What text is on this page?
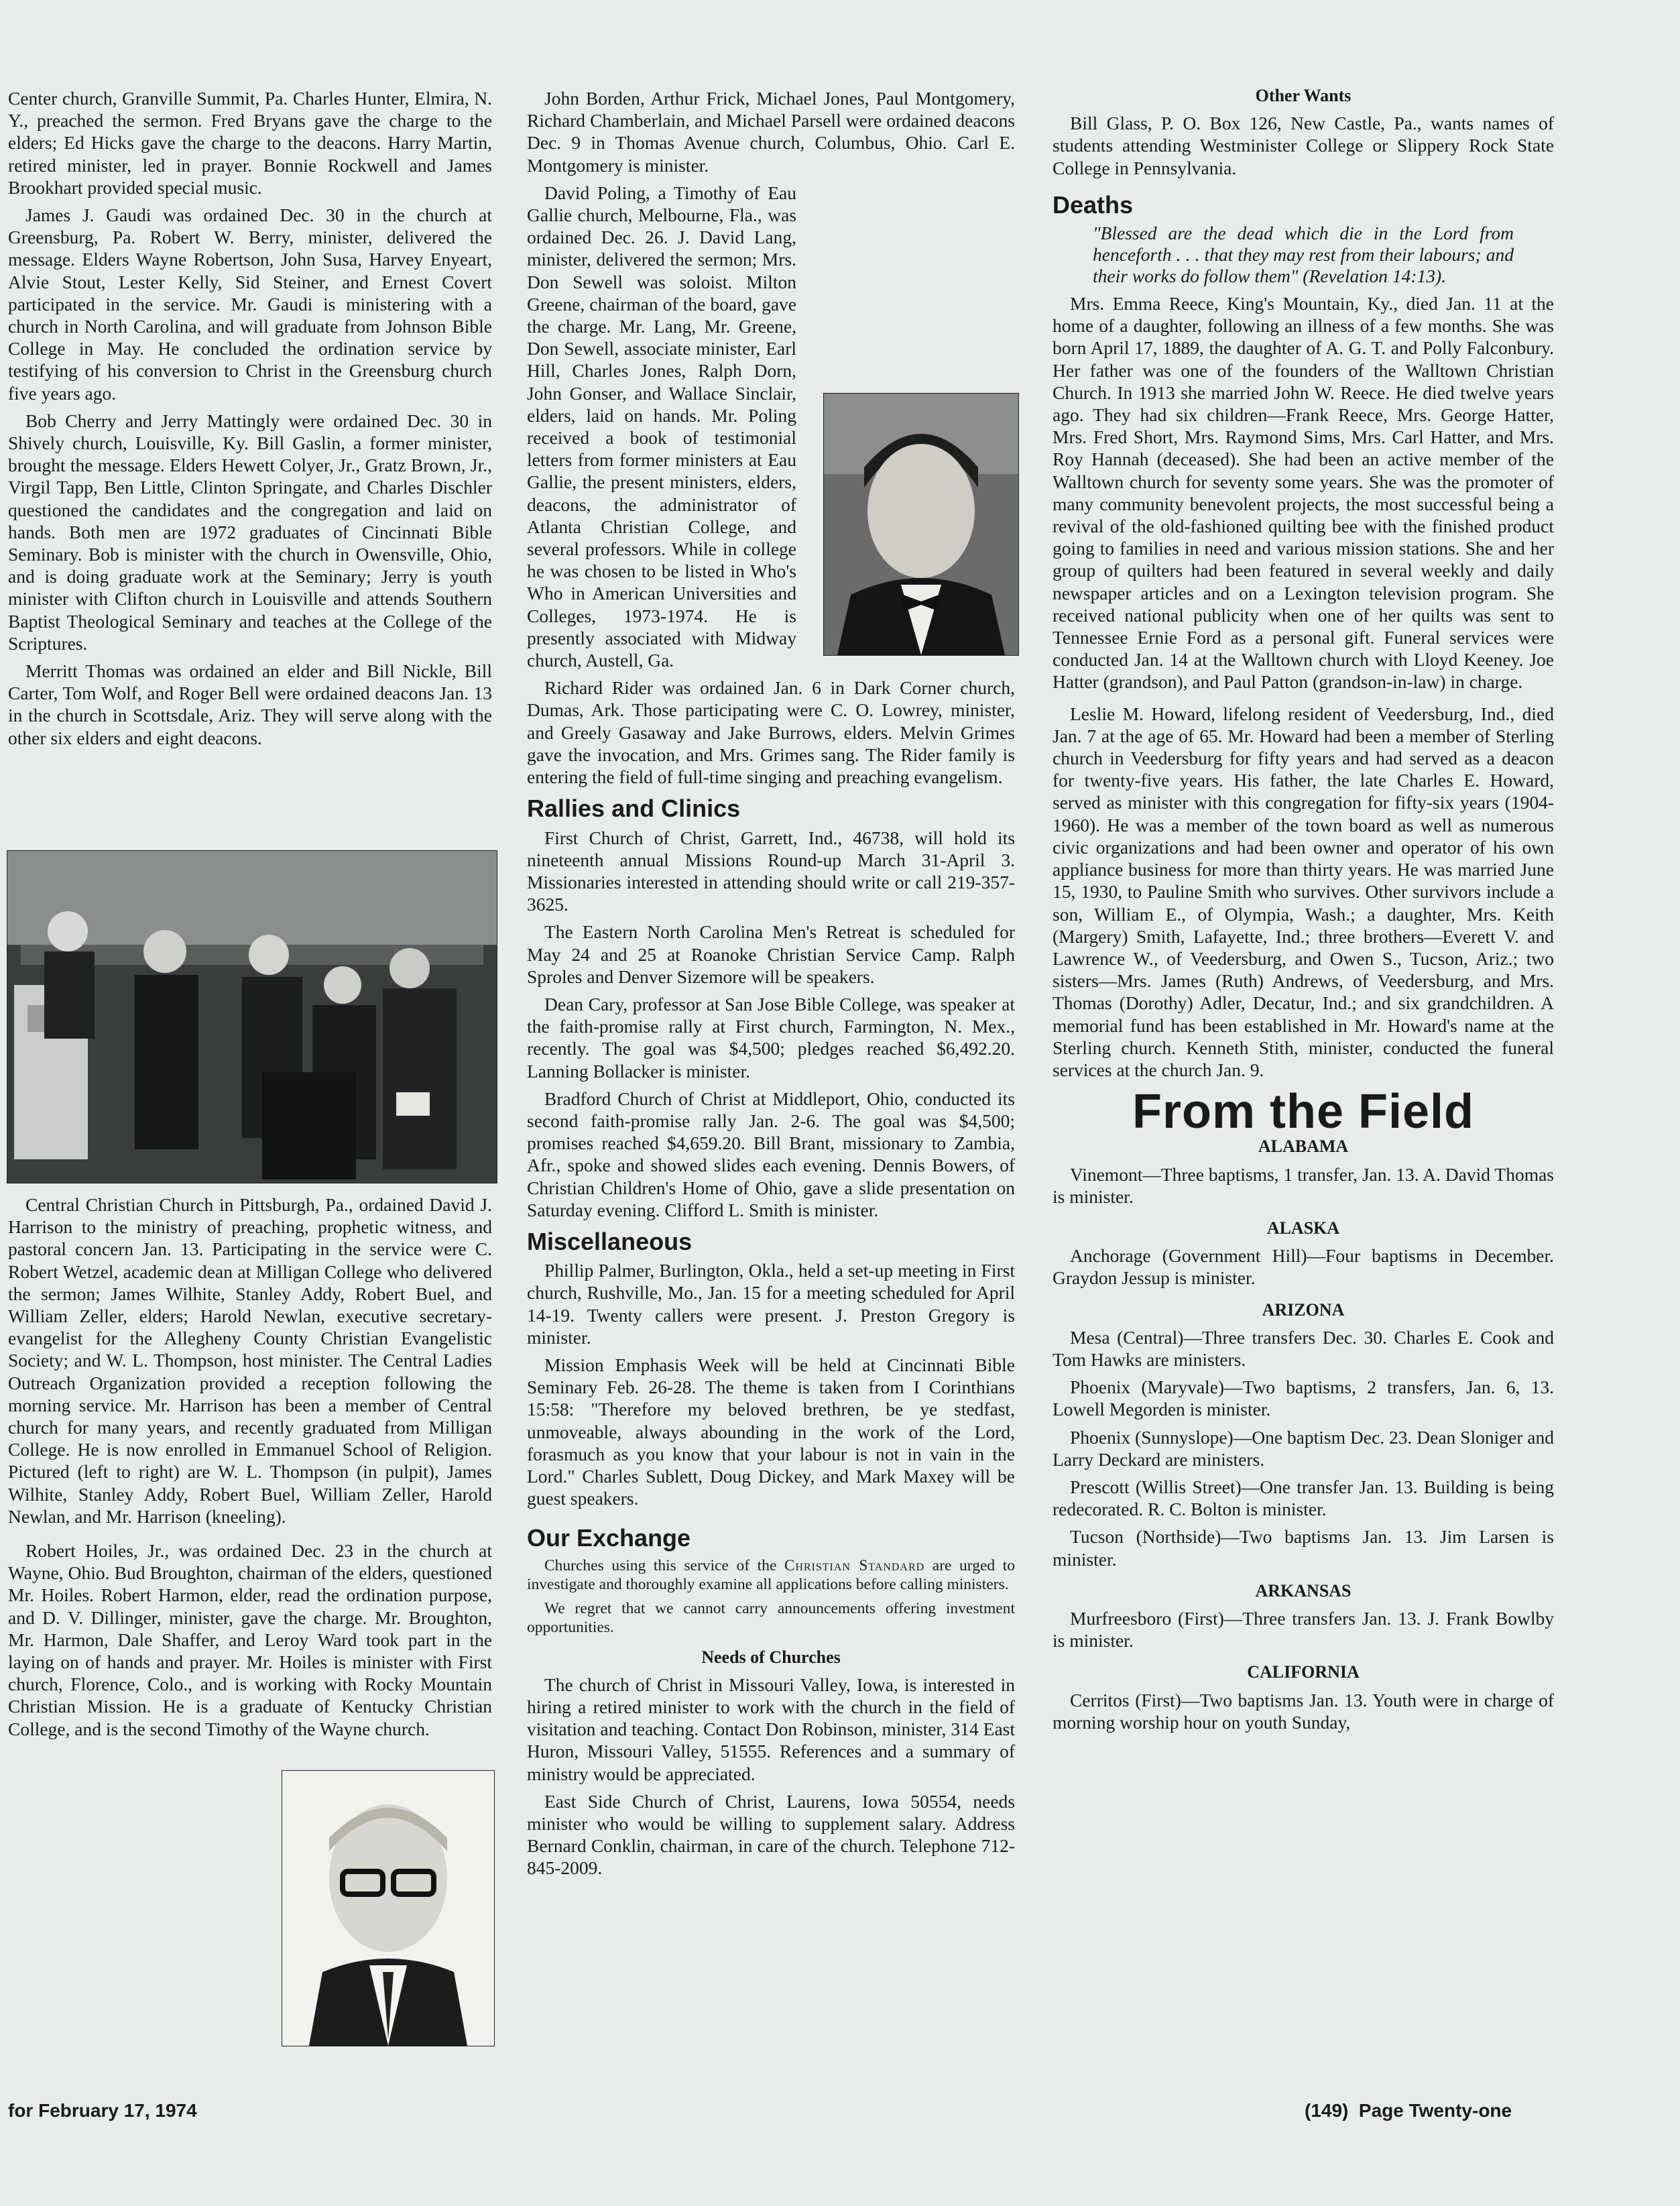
Center church, Granville Summit, Pa. Charles Hunter, Elmira, N. Y., preached the sermon. Fred Bryans gave the charge to the elders; Ed Hicks gave the charge to the deacons. Harry Martin, retired minister, led in prayer. Bonnie Rockwell and James Brookhart provided special music.

James J. Gaudi was ordained Dec. 30 in the church at Greensburg, Pa. Robert W. Berry, minister, delivered the message. Elders Wayne Robertson, John Susa, Harvey Enyeart, Alvie Stout, Lester Kelly, Sid Steiner, and Ernest Covert participated in the service. Mr. Gaudi is ministering with a church in North Carolina, and will graduate from Johnson Bible College in May. He concluded the ordination service by testifying of his conversion to Christ in the Greensburg church five years ago.

Bob Cherry and Jerry Mattingly were ordained Dec. 30 in Shively church, Louisville, Ky. Bill Gaslin, a former minister, brought the message. Elders Hewett Colyer, Jr., Gratz Brown, Jr., Virgil Tapp, Ben Little, Clinton Springate, and Charles Dischler questioned the candidates and the congregation and laid on hands. Both men are 1972 graduates of Cincinnati Bible Seminary. Bob is minister with the church in Owensville, Ohio, and is doing graduate work at the Seminary; Jerry is youth minister with Clifton church in Louisville and attends Southern Baptist Theological Seminary and teaches at the College of the Scriptures.

Merritt Thomas was ordained an elder and Bill Nickle, Bill Carter, Tom Wolf, and Roger Bell were ordained deacons Jan. 13 in the church in Scottsdale, Ariz. They will serve along with the other six elders and eight deacons.

Central Christian Church in Pittsburgh, Pa., ordained David J. Harrison to the ministry of preaching, prophetic witness, and pastoral concern Jan. 13. Participating in the service were C. Robert Wetzel, academic dean at Milligan College who delivered the sermon; James Wilhite, Stanley Addy, Robert Buel, and William Zeller, elders; Harold Newlan, executive secretary-evangelist for the Allegheny County Christian Evangelistic Society; and W. L. Thompson, host minister. The Central Ladies Outreach Organization provided a reception following the morning service. Mr. Harrison has been a member of Central church for many years, and recently graduated from Milligan College. He is now enrolled in Emmanuel School of Religion. Pictured (left to right) are W. L. Thompson (in pulpit), James Wilhite, Stanley Addy, Robert Buel, William Zeller, Harold Newlan, and Mr. Harrison (kneeling).

Robert Hoiles, Jr., was ordained Dec. 23 in the church at Wayne, Ohio. Bud Broughton, chairman of the elders, questioned Mr. Hoiles. Robert Harmon, elder, read the ordination purpose, and D. V. Dillinger, minister, gave the charge. Mr. Broughton, Mr. Harmon, Dale Shaffer, and Leroy Ward took part in the laying on of hands and prayer. Mr. Hoiles is minister with First church, Florence, Colo., and is working with Rocky Mountain Christian Mission. He is a graduate of Kentucky Christian College, and is the second Timothy of the Wayne church.

John Borden, Arthur Frick, Michael Jones, Paul Montgomery, Richard Chamberlain, and Michael Parsell were ordained deacons Dec. 9 in Thomas Avenue church, Columbus, Ohio. Carl E. Montgomery is minister.

David Poling, a Timothy of Eau Gallie church, Melbourne, Fla., was ordained Dec. 26. J. David Lang, minister, delivered the sermon; Mrs. Don Sewell was soloist. Milton Greene, chairman of the board, gave the charge. Mr. Lang, Mr. Greene, Don Sewell, associate minister, Earl Hill, Charles Jones, Ralph Dorn, John Gonser, and Wallace Sinclair, elders, laid on hands. Mr. Poling received a book of testimonial letters from former ministers at Eau Gallie, the present ministers, elders, deacons, the administrator of Atlanta Christian College, and several professors. While in college he was chosen to be listed in Who's Who in American Universities and Colleges, 1973-1974. He is presently associated with Midway church, Austell, Ga.

Richard Rider was ordained Jan. 6 in Dark Corner church, Dumas, Ark. Those participating were C. O. Lowrey, minister, and Greely Gasaway and Jake Burrows, elders. Melvin Grimes gave the invocation, and Mrs. Grimes sang. The Rider family is entering the field of full-time singing and preaching evangelism.

Rallies and Clinics

First Church of Christ, Garrett, Ind., 46738, will hold its nineteenth annual Missions Round-up March 31-April 3. Missionaries interested in attending should write or call 219-357-3625.

The Eastern North Carolina Men's Retreat is scheduled for May 24 and 25 at Roanoke Christian Service Camp. Ralph Sproles and Denver Sizemore will be speakers.

Dean Cary, professor at San Jose Bible College, was speaker at the faith-promise rally at First church, Farmington, N. Mex., recently. The goal was $4,500; pledges reached $6,492.20. Lanning Bollacker is minister.

Bradford Church of Christ at Middleport, Ohio, conducted its second faith-promise rally Jan. 2-6. The goal was $4,500; promises reached $4,659.20. Bill Brant, missionary to Zambia, Afr., spoke and showed slides each evening. Dennis Bowers, of Christian Children's Home of Ohio, gave a slide presentation on Saturday evening. Clifford L. Smith is minister.

Miscellaneous

Phillip Palmer, Burlington, Okla., held a set-up meeting in First church, Rushville, Mo., Jan. 15 for a meeting scheduled for April 14-19. Twenty callers were present. J. Preston Gregory is minister.

Mission Emphasis Week will be held at Cincinnati Bible Seminary Feb. 26-28. The theme is taken from I Corinthians 15:58: "Therefore my beloved brethren, be ye stedfast, unmoveable, always abounding in the work of the Lord, forasmuch as you know that your labour is not in vain in the Lord." Charles Sublett, Doug Dickey, and Mark Maxey will be guest speakers.

Our Exchange

Churches using this service of the Christian Standard are urged to investigate and thoroughly examine all applications before calling ministers.

We regret that we cannot carry announcements offering investment opportunities.

Needs of Churches

The church of Christ in Missouri Valley, Iowa, is interested in hiring a retired minister to work with the church in the field of visitation and teaching. Contact Don Robinson, minister, 314 East Huron, Missouri Valley, 51555. References and a summary of ministry would be appreciated.

East Side Church of Christ, Laurens, Iowa 50554, needs minister who would be willing to supplement salary. Address Bernard Conklin, chairman, in care of the church. Telephone 712-845-2009.

Other Wants

Bill Glass, P. O. Box 126, New Castle, Pa., wants names of students attending Westminister College or Slippery Rock State College in Pennsylvania.

Deaths

"Blessed are the dead which die in the Lord from henceforth . . . that they may rest from their labours; and their works do follow them" (Revelation 14:13).

Mrs. Emma Reece, King's Mountain, Ky., died Jan. 11 at the home of a daughter, following an illness of a few months. She was born April 17, 1889, the daughter of A. G. T. and Polly Falconbury. Her father was one of the founders of the Walltown Christian Church. In 1913 she married John W. Reece. He died twelve years ago. They had six children—Frank Reece, Mrs. George Hatter, Mrs. Fred Short, Mrs. Raymond Sims, Mrs. Carl Hatter, and Mrs. Roy Hannah (deceased). She had been an active member of the Walltown church for seventy some years. She was the promoter of many community benevolent projects, the most successful being a revival of the old-fashioned quilting bee with the finished product going to families in need and various mission stations. She and her group of quilters had been featured in several weekly and daily newspaper articles and on a Lexington television program. She received national publicity when one of her quilts was sent to Tennessee Ernie Ford as a personal gift. Funeral services were conducted Jan. 14 at the Walltown church with Lloyd Keeney. Joe Hatter (grandson), and Paul Patton (grandson-in-law) in charge.

Leslie M. Howard, lifelong resident of Veedersburg, Ind., died Jan. 7 at the age of 65. Mr. Howard had been a member of Sterling church in Veedersburg for fifty years and had served as a deacon for twenty-five years. His father, the late Charles E. Howard, served as minister with this congregation for fifty-six years (1904-1960). He was a member of the town board as well as numerous civic organizations and had been owner and operator of his own appliance business for more than thirty years. He was married June 15, 1930, to Pauline Smith who survives. Other survivors include a son, William E., of Olympia, Wash.; a daughter, Mrs. Keith (Margery) Smith, Lafayette, Ind.; three brothers—Everett V. and Lawrence W., of Veedersburg, and Owen S., Tucson, Ariz.; two sisters—Mrs. James (Ruth) Andrews, of Veedersburg, and Mrs. Thomas (Dorothy) Adler, Decatur, Ind.; and six grandchildren. A memorial fund has been established in Mr. Howard's name at the Sterling church. Kenneth Stith, minister, conducted the funeral services at the church Jan. 9.

From the Field
ALABAMA

Vinemont—Three baptisms, 1 transfer, Jan. 13. A. David Thomas is minister.

ALASKA

Anchorage (Government Hill)—Four baptisms in December. Graydon Jessup is minister.

ARIZONA

Mesa (Central)—Three transfers Dec. 30. Charles E. Cook and Tom Hawks are ministers.

Phoenix (Maryvale)—Two baptisms, 2 transfers, Jan. 6, 13. Lowell Megorden is minister.

Phoenix (Sunnyslope)—One baptism Dec. 23. Dean Sloniger and Larry Deckard are ministers.

Prescott (Willis Street)—One transfer Jan. 13. Building is being redecorated. R. C. Bolton is minister.

Tucson (Northside)—Two baptisms Jan. 13. Jim Larsen is minister.

ARKANSAS

Murfreesboro (First)—Three transfers Jan. 13. J. Frank Bowlby is minister.

CALIFORNIA

Cerritos (First)—Two baptisms Jan. 13. Youth were in charge of morning worship hour on youth Sunday,

for February 17, 1974	(149)  Page Twenty-one
